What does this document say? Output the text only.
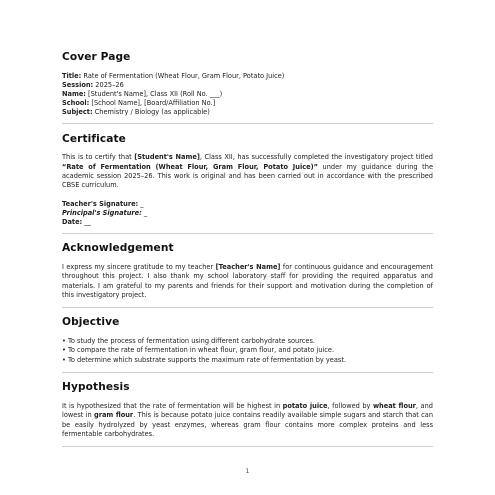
Cover Page

Title: Rate of Fermentation (Wheat Flour, Gram Flour, Potato Juice)

Session: 2025–26

Name: [Student's Name], Class XII (Roll No. ___)

School: [School Name], [Board/Affiliation No.]

Subject: Chemistry / Biology (as applicable)

Certificate

This is to certify that [Student's Name], Class XII, has successfully completed the investigatory project titled “Rate of Fermentation (Wheat Flour, Gram Flour, Potato Juice)” under my guidance during the academic session 2025–26. This work is original and has been carried out in accordance with the prescribed CBSE curriculum.

Teacher's Signature: _

Principal's Signature: _

Date: __

Acknowledgement

I express my sincere gratitude to my teacher [Teacher's Name] for continuous guidance and encouragement throughout this project. I also thank my school laboratory staff for providing the required apparatus and materials. I am grateful to my parents and friends for their support and motivation during the completion of this investigatory project.

Objective
• To study the process of fermentation using different carbohydrate sources.
• To compare the rate of fermentation in wheat flour, gram flour, and potato juice.
• To determine which substrate supports the maximum rate of fermentation by yeast.
Hypothesis

It is hypothesized that the rate of fermentation will be highest in potato juice, followed by wheat flour, and lowest in gram flour. This is because potato juice contains readily available simple sugars and starch that can be easily hydrolyzed by yeast enzymes, whereas gram flour contains more complex proteins and less fermentable carbohydrates.

1
